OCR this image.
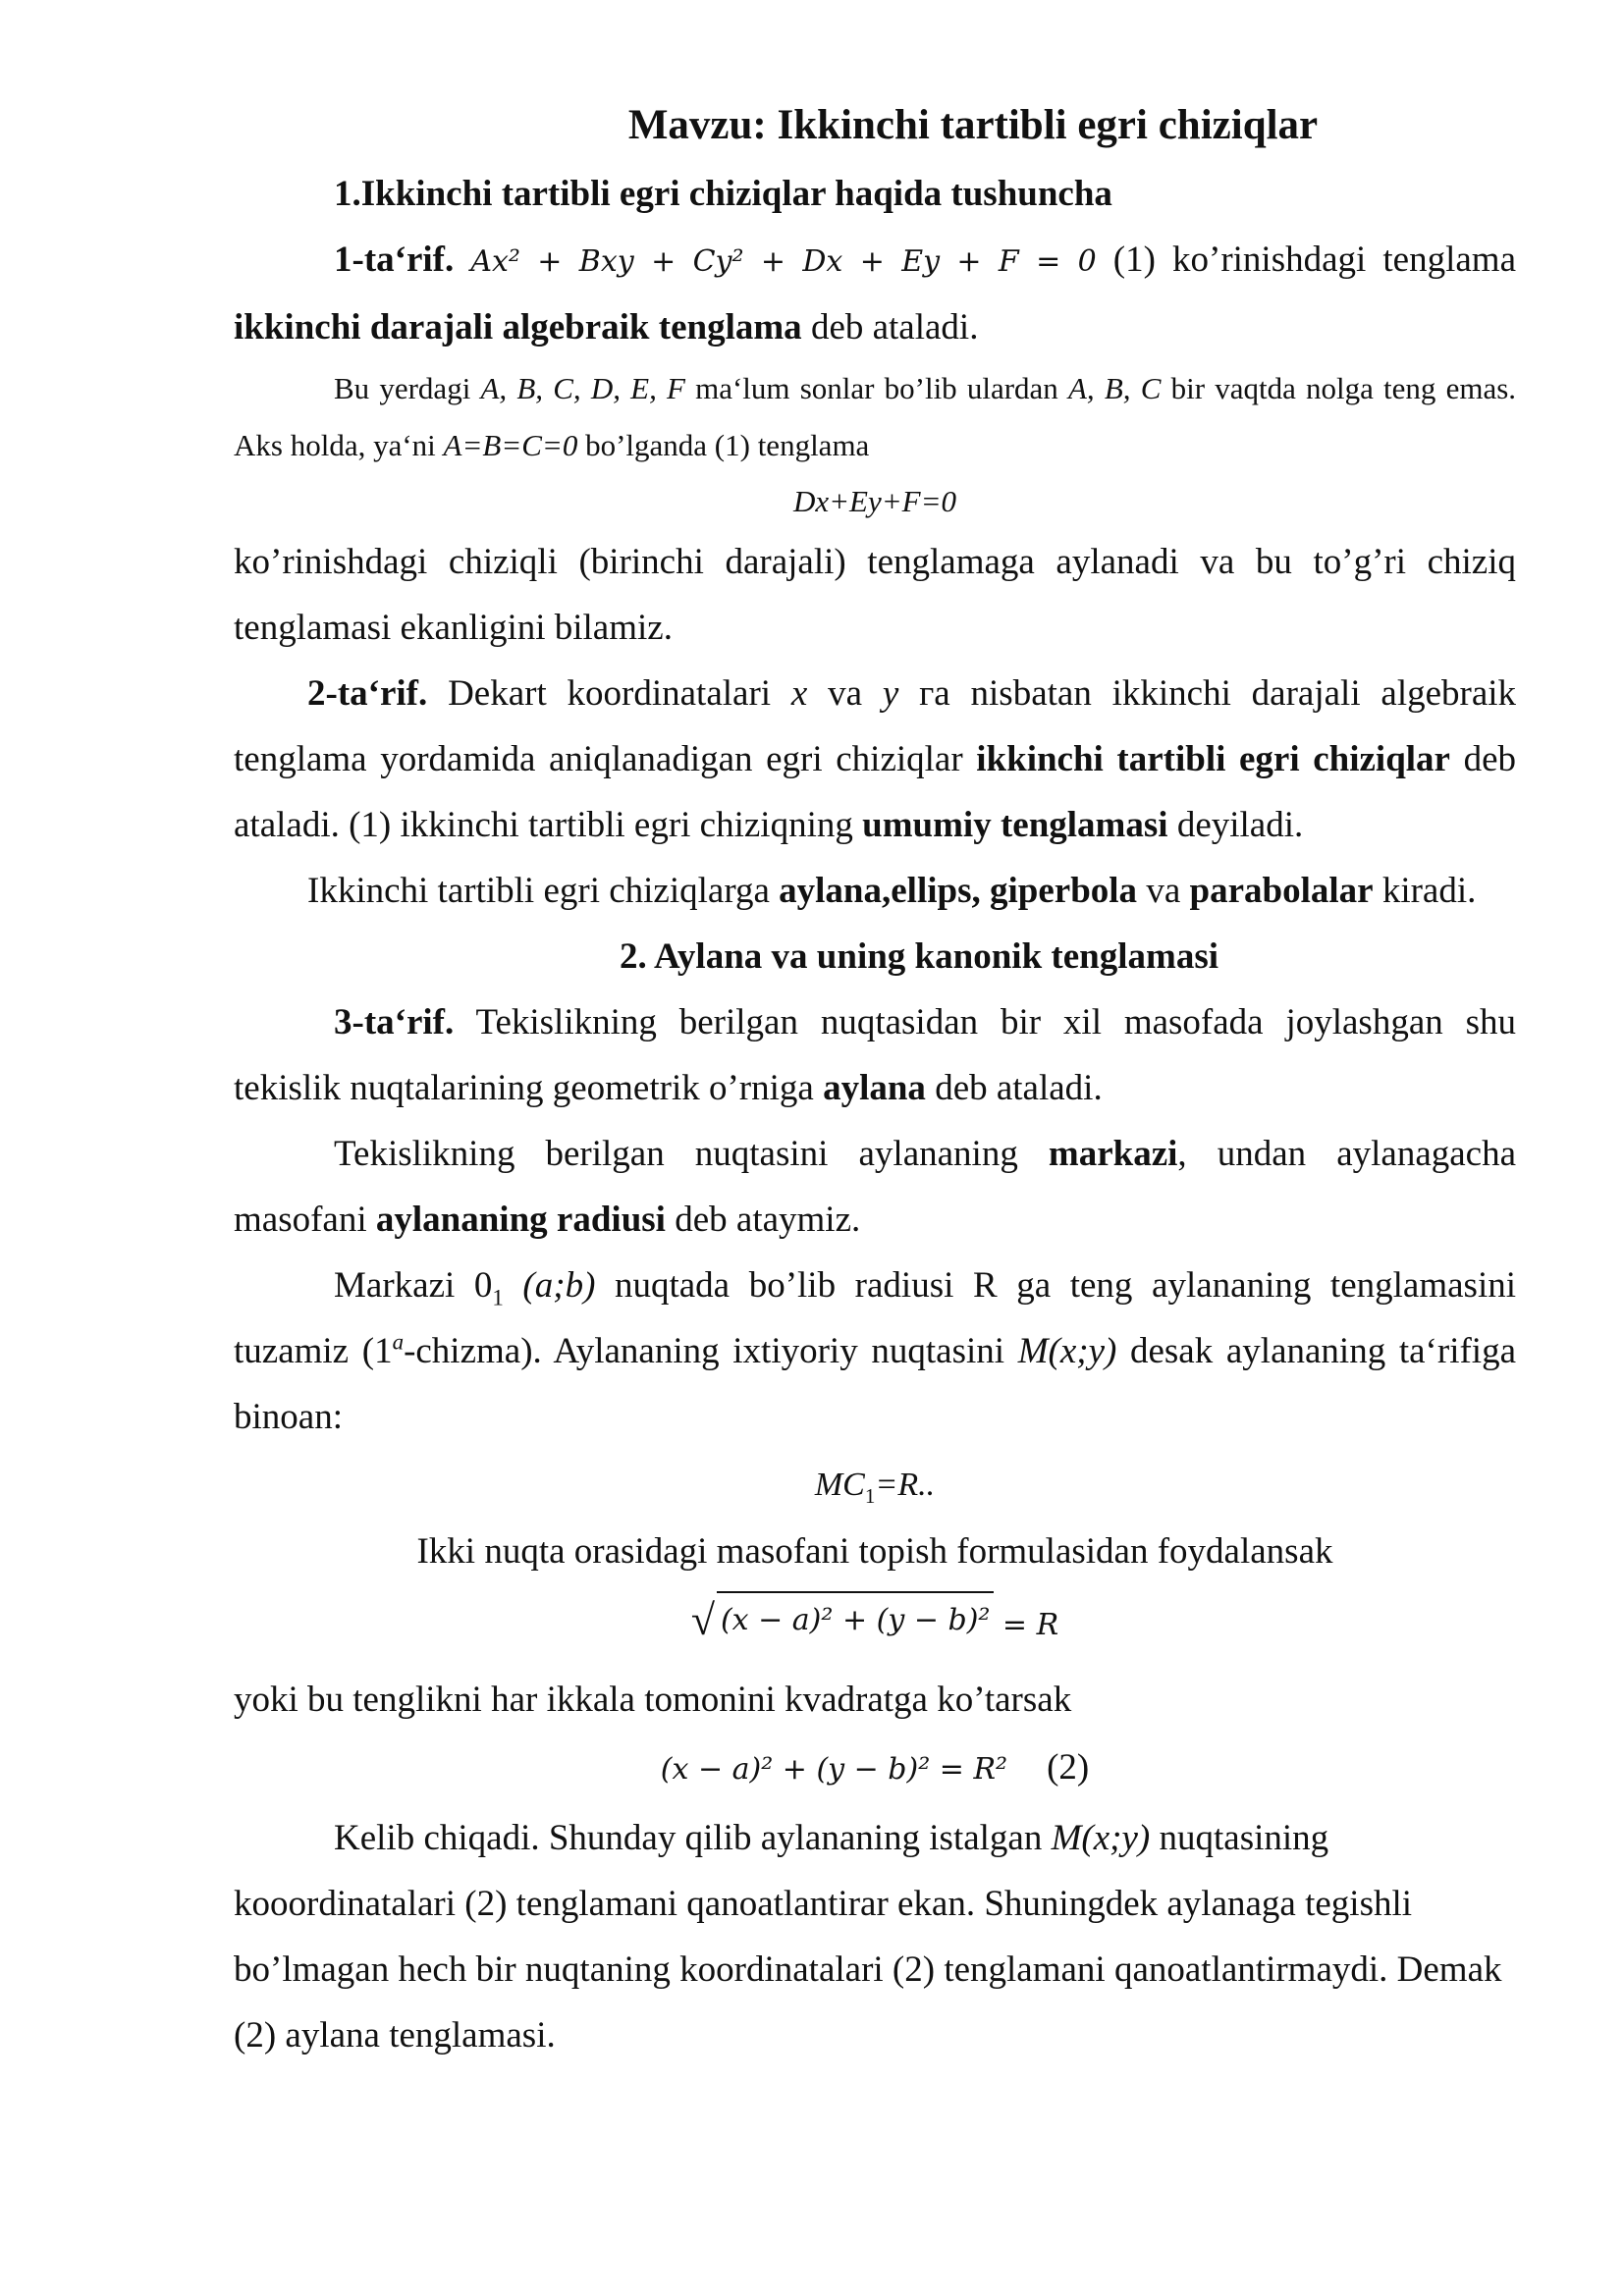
Mavzu: Ikkinchi tartibli egri chiziqlar
1.Ikkinchi tartibli egri chiziqlar haqida tushuncha

1-ta‘rif. Ax² + Bxy + Cy² + Dx + Ey + F = 0 (1) ko’rinishdagi tenglama ikkinchi darajali algebraik tenglama deb ataladi.

Bu yerdagi A, B, C, D, E, F ma‘lum sonlar bo’lib ulardan A, B, C bir vaqtda nolga teng emas. Aks holda, ya‘ni A=B=C=0 bo’lganda (1) tenglama

Dx+Ey+F=0

ko’rinishdagi chiziqli (birinchi darajali) tenglamaga aylanadi va bu to’g’ri chiziq tenglamasi ekanligini bilamiz.

2-ta‘rif. Dekart koordinatalari x va y га nisbatan ikkinchi darajali algebraik tenglama yordamida aniqlanadigan egri chiziqlar ikkinchi tartibli egri chiziqlar deb ataladi. (1) ikkinchi tartibli egri chiziqning umumiy tenglamasi deyiladi.

Ikkinchi tartibli egri chiziqlarga aylana,ellips, giperbola va parabolalar kiradi.

2. Aylana va uning kanonik tenglamasi

3-ta‘rif. Tekislikning berilgan nuqtasidan bir xil masofada joylashgan shu tekislik nuqtalarining geometrik o’rniga aylana deb ataladi.

Tekislikning berilgan nuqtasini aylananing markazi, undan aylanagacha masofani aylananing radiusi deb ataymiz.

Markazi $0_1$ (a;b) nuqtada bo’lib radiusi R ga teng aylananing tenglamasini tuzamiz (1$^a$-chizma). Aylananing ixtiyoriy nuqtasini M(x;y) desak aylananing ta‘rifiga binoan:

$MC_1=R$..
Ikki nuqta orasidagi masofani topish formulasidan foydalansak
√ (x − a)² + (y − b)² = R

yoki bu tenglikni har ikkala tomonini kvadratga ko’tarsak

(x − a)² + (y − b)² = R² (2)

Kelib chiqadi. Shunday qilib aylananing istalgan M(x;y) nuqtasining kooordinatalari (2) tenglamani qanoatlantirar ekan. Shuningdek aylanaga tegishli bo’lmagan hech bir nuqtaning koordinatalari (2) tenglamani qanoatlantirmaydi. Demak (2) aylana tenglamasi.
